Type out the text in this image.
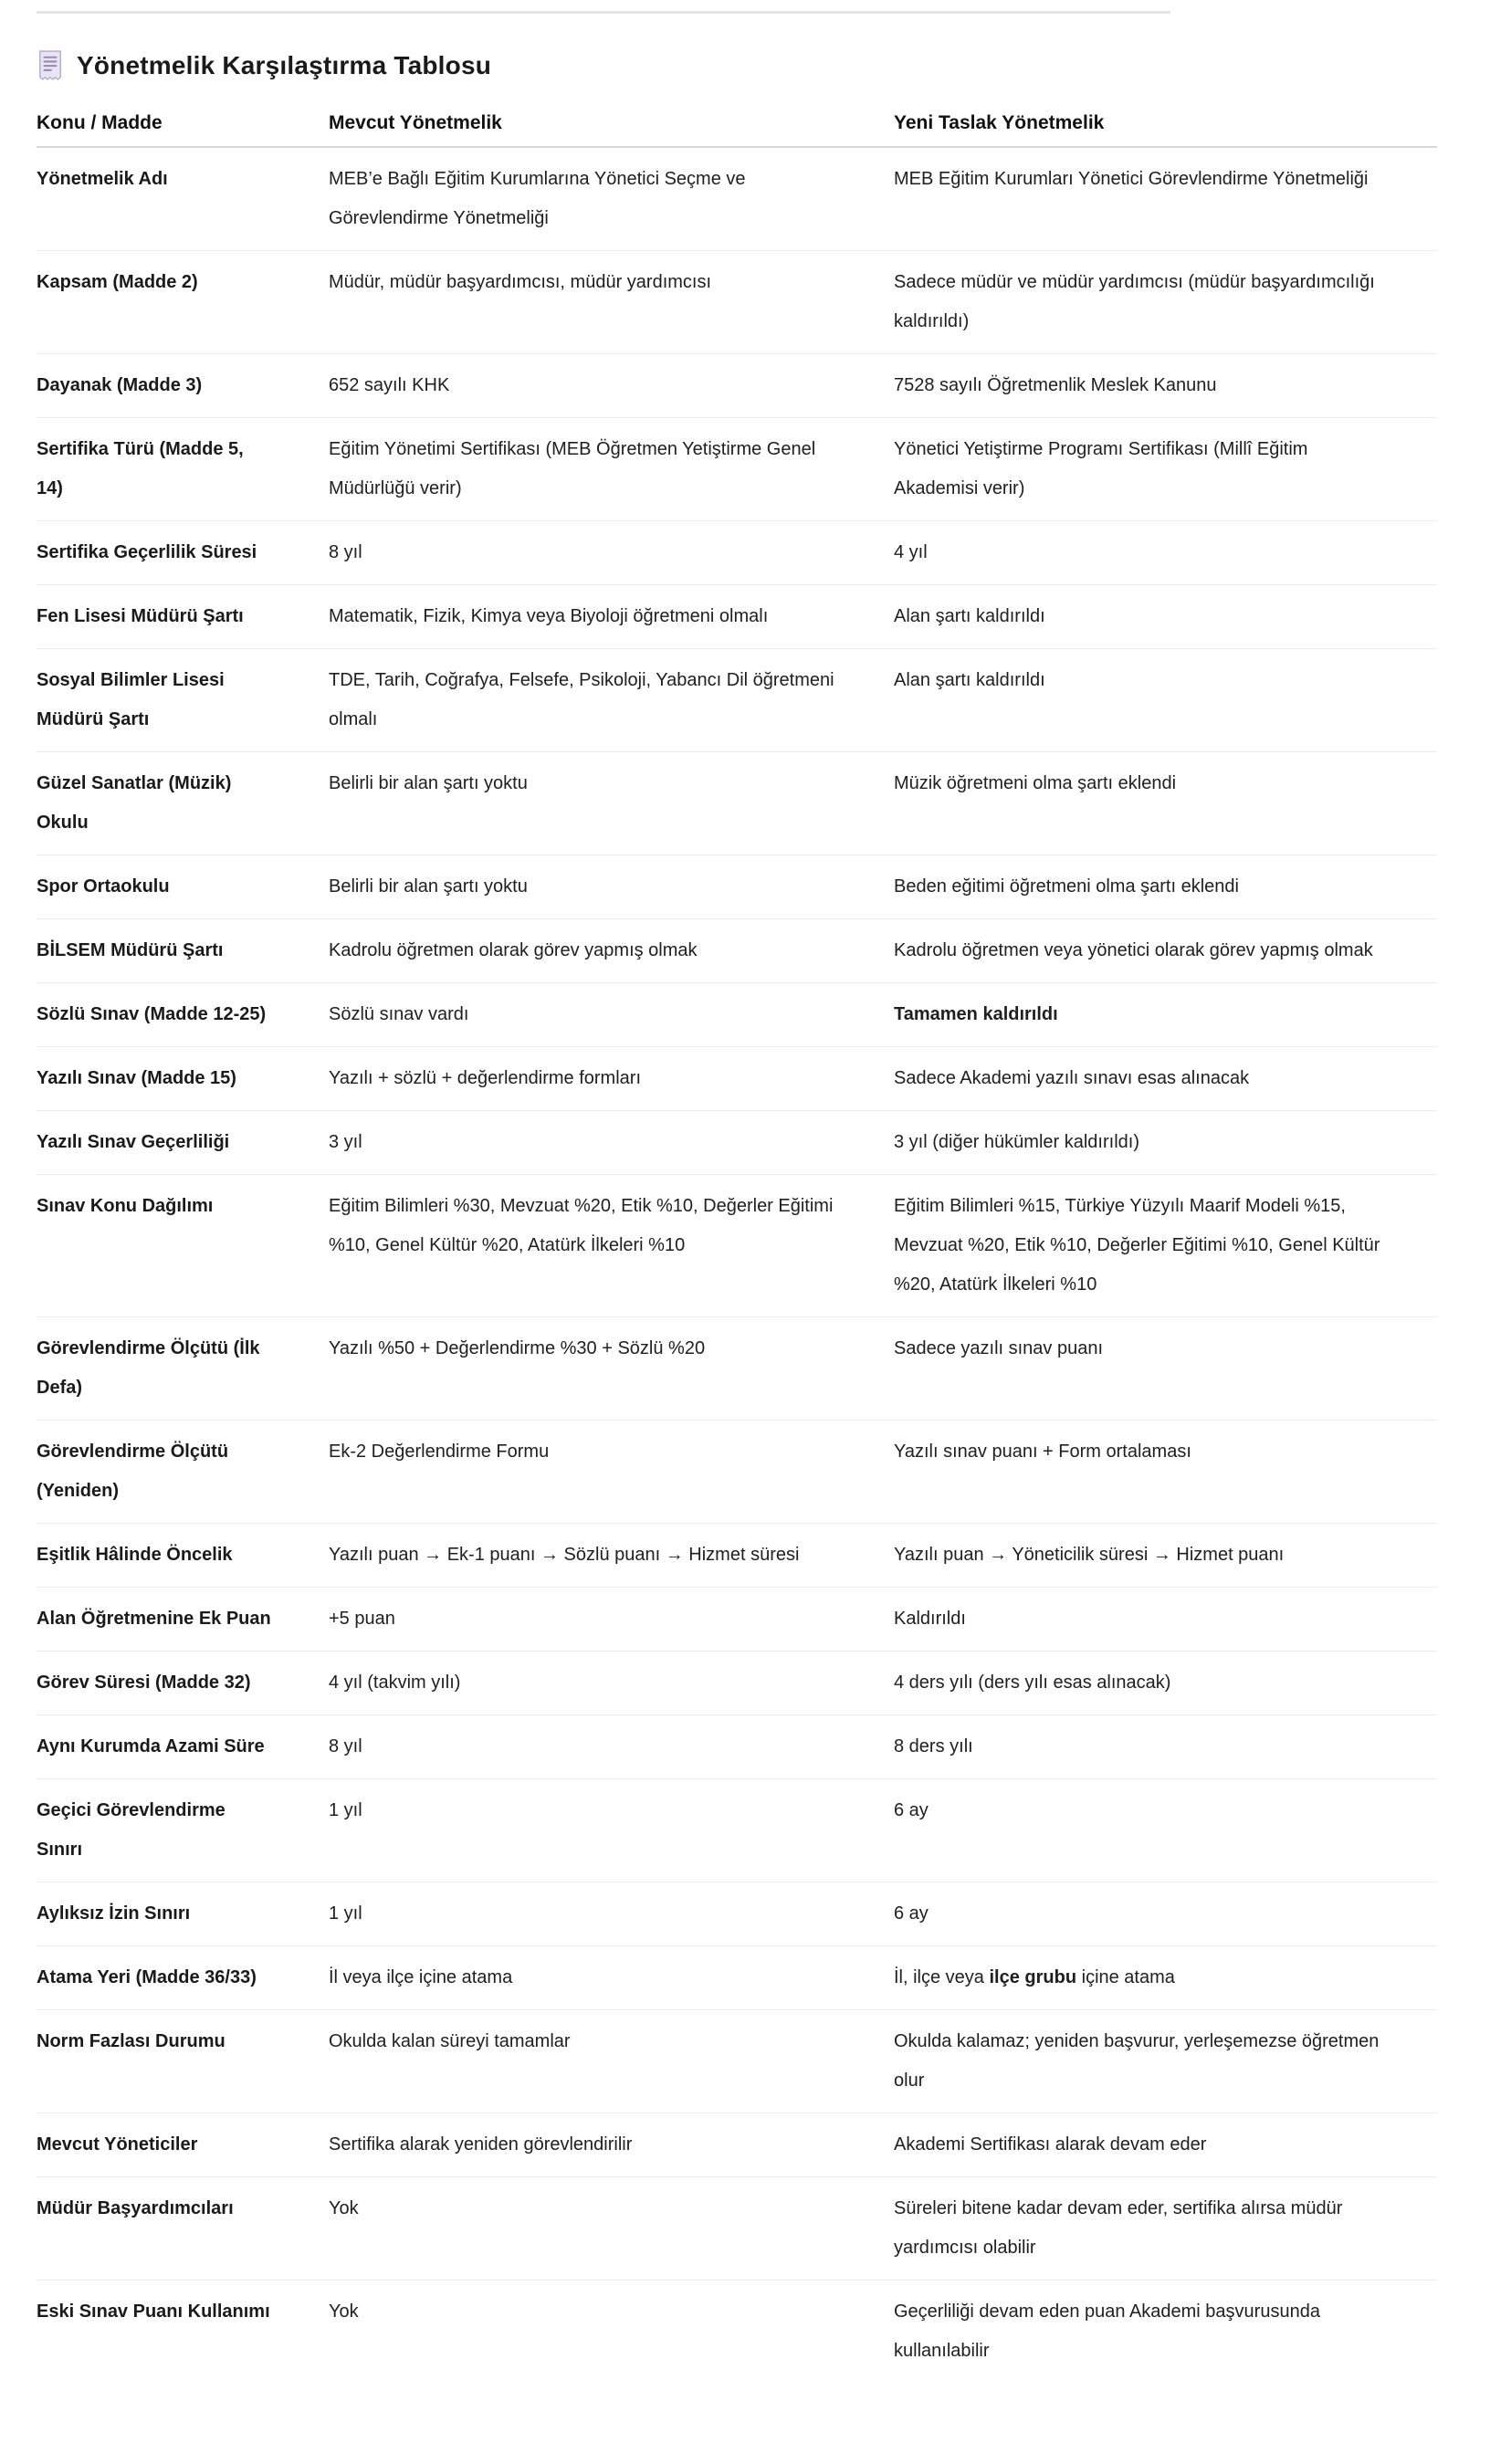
Yönetmelik Karşılaştırma Tablosu
Konu / Madde	Mevcut Yönetmelik	Yeni Taslak Yönetmelik
Yönetmelik Adı	MEB’e Bağlı Eğitim Kurumlarına Yönetici Seçme ve Görevlendirme Yönetmeliği	MEB Eğitim Kurumları Yönetici Görevlendirme Yönetmeliği
Kapsam (Madde 2)	Müdür, müdür başyardımcısı, müdür yardımcısı	Sadece müdür ve müdür yardımcısı (müdür başyardımcılığı kaldırıldı)
Dayanak (Madde 3)	652 sayılı KHK	7528 sayılı Öğretmenlik Meslek Kanunu
Sertifika Türü (Madde 5, 14)	Eğitim Yönetimi Sertifikası (MEB Öğretmen Yetiştirme Genel Müdürlüğü verir)	Yönetici Yetiştirme Programı Sertifikası (Millî Eğitim Akademisi verir)
Sertifika Geçerlilik Süresi	8 yıl	4 yıl
Fen Lisesi Müdürü Şartı	Matematik, Fizik, Kimya veya Biyoloji öğretmeni olmalı	Alan şartı kaldırıldı
Sosyal Bilimler Lisesi Müdürü Şartı	TDE, Tarih, Coğrafya, Felsefe, Psikoloji, Yabancı Dil öğretmeni olmalı	Alan şartı kaldırıldı
Güzel Sanatlar (Müzik) Okulu	Belirli bir alan şartı yoktu	Müzik öğretmeni olma şartı eklendi
Spor Ortaokulu	Belirli bir alan şartı yoktu	Beden eğitimi öğretmeni olma şartı eklendi
BİLSEM Müdürü Şartı	Kadrolu öğretmen olarak görev yapmış olmak	Kadrolu öğretmen veya yönetici olarak görev yapmış olmak
Sözlü Sınav (Madde 12-25)	Sözlü sınav vardı	Tamamen kaldırıldı
Yazılı Sınav (Madde 15)	Yazılı + sözlü + değerlendirme formları	Sadece Akademi yazılı sınavı esas alınacak
Yazılı Sınav Geçerliliği	3 yıl	3 yıl (diğer hükümler kaldırıldı)
Sınav Konu Dağılımı	Eğitim Bilimleri %30, Mevzuat %20, Etik %10, Değerler Eğitimi %10, Genel Kültür %20, Atatürk İlkeleri %10	Eğitim Bilimleri %15, Türkiye Yüzyılı Maarif Modeli %15, Mevzuat %20, Etik %10, Değerler Eğitimi %10, Genel Kültür %20, Atatürk İlkeleri %10
Görevlendirme Ölçütü (İlk Defa)	Yazılı %50 + Değerlendirme %30 + Sözlü %20	Sadece yazılı sınav puanı
Görevlendirme Ölçütü (Yeniden)	Ek-2 Değerlendirme Formu	Yazılı sınav puanı + Form ortalaması
Eşitlik Hâlinde Öncelik	Yazılı puan → Ek-1 puanı → Sözlü puanı → Hizmet süresi	Yazılı puan → Yöneticilik süresi → Hizmet puanı
Alan Öğretmenine Ek Puan	+5 puan	Kaldırıldı
Görev Süresi (Madde 32)	4 yıl (takvim yılı)	4 ders yılı (ders yılı esas alınacak)
Aynı Kurumda Azami Süre	8 yıl	8 ders yılı
Geçici Görevlendirme Sınırı	1 yıl	6 ay
Aylıksız İzin Sınırı	1 yıl	6 ay
Atama Yeri (Madde 36/33)	İl veya ilçe içine atama	İl, ilçe veya ilçe grubu içine atama
Norm Fazlası Durumu	Okulda kalan süreyi tamamlar	Okulda kalamaz; yeniden başvurur, yerleşemezse öğretmen olur
Mevcut Yöneticiler	Sertifika alarak yeniden görevlendirilir	Akademi Sertifikası alarak devam eder
Müdür Başyardımcıları	Yok	Süreleri bitene kadar devam eder, sertifika alırsa müdür yardımcısı olabilir
Eski Sınav Puanı Kullanımı	Yok	Geçerliliği devam eden puan Akademi başvurusunda kullanılabilir
